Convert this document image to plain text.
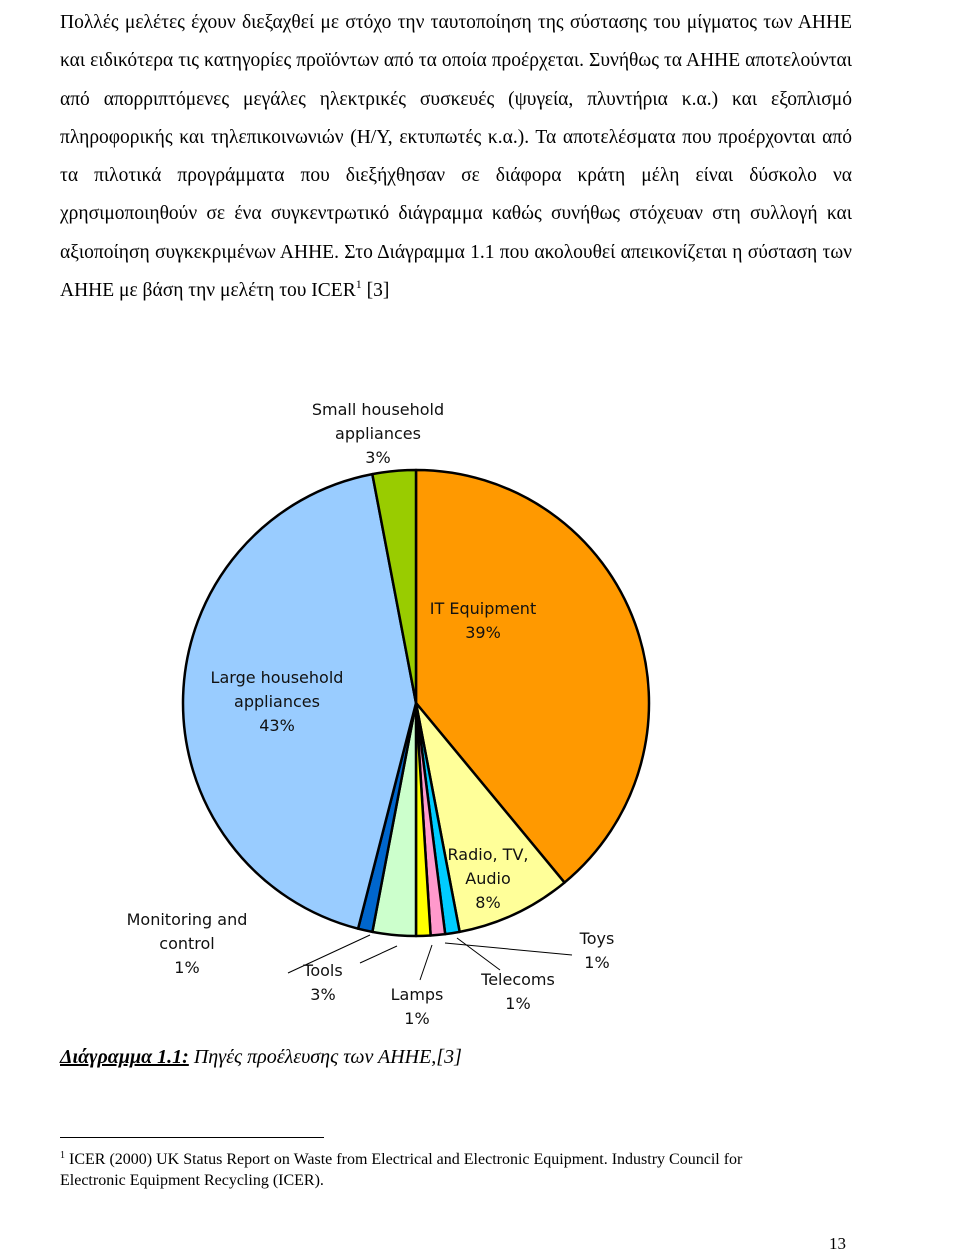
Πολλές μελέτες έχουν διεξαχθεί με στόχο την ταυτοποίηση της σύστασης του μίγματος των ΑΗΗΕ και ειδικότερα τις κατηγορίες προϊόντων από τα οποία προέρχεται. Συνήθως τα ΑΗΗΕ αποτελούνται από απορριπτόμενες μεγάλες ηλεκτρικές συσκευές (ψυγεία, πλυντήρια κ.α.) και εξοπλισμό πληροφορικής και τηλεπικοινωνιών (Η/Υ, εκτυπωτές κ.α.). Τα αποτελέσματα που προέρχονται από τα πιλοτικά προγράμματα που διεξήχθησαν σε διάφορα κράτη μέλη είναι δύσκολο να χρησιμοποιηθούν σε ένα συγκεντρωτικό διάγραμμα καθώς συνήθως στόχευαν στη συλλογή και αξιοποίηση συγκεκριμένων ΑΗΗΕ. Στο Διάγραμμα 1.1 που ακολουθεί απεικονίζεται η σύσταση των ΑΗΗΕ με βάση την μελέτη του ICER$^1$ [3]

IT Equipment 39%
Radio, TV, Audio 8%
Telecoms 1%
Toys 1%
Lamps 1%
Tools 3%
Monitoring and control 1%
Large household appliances 43%
Small household appliances 3%

Διάγραμμα 1.1: Πηγές προέλευσης των ΑΗΗΕ,[3]

$^1$ ICER (2000) UK Status Report on Waste from Electrical and Electronic Equipment. Industry Council for Electronic Equipment Recycling (ICER).

13
